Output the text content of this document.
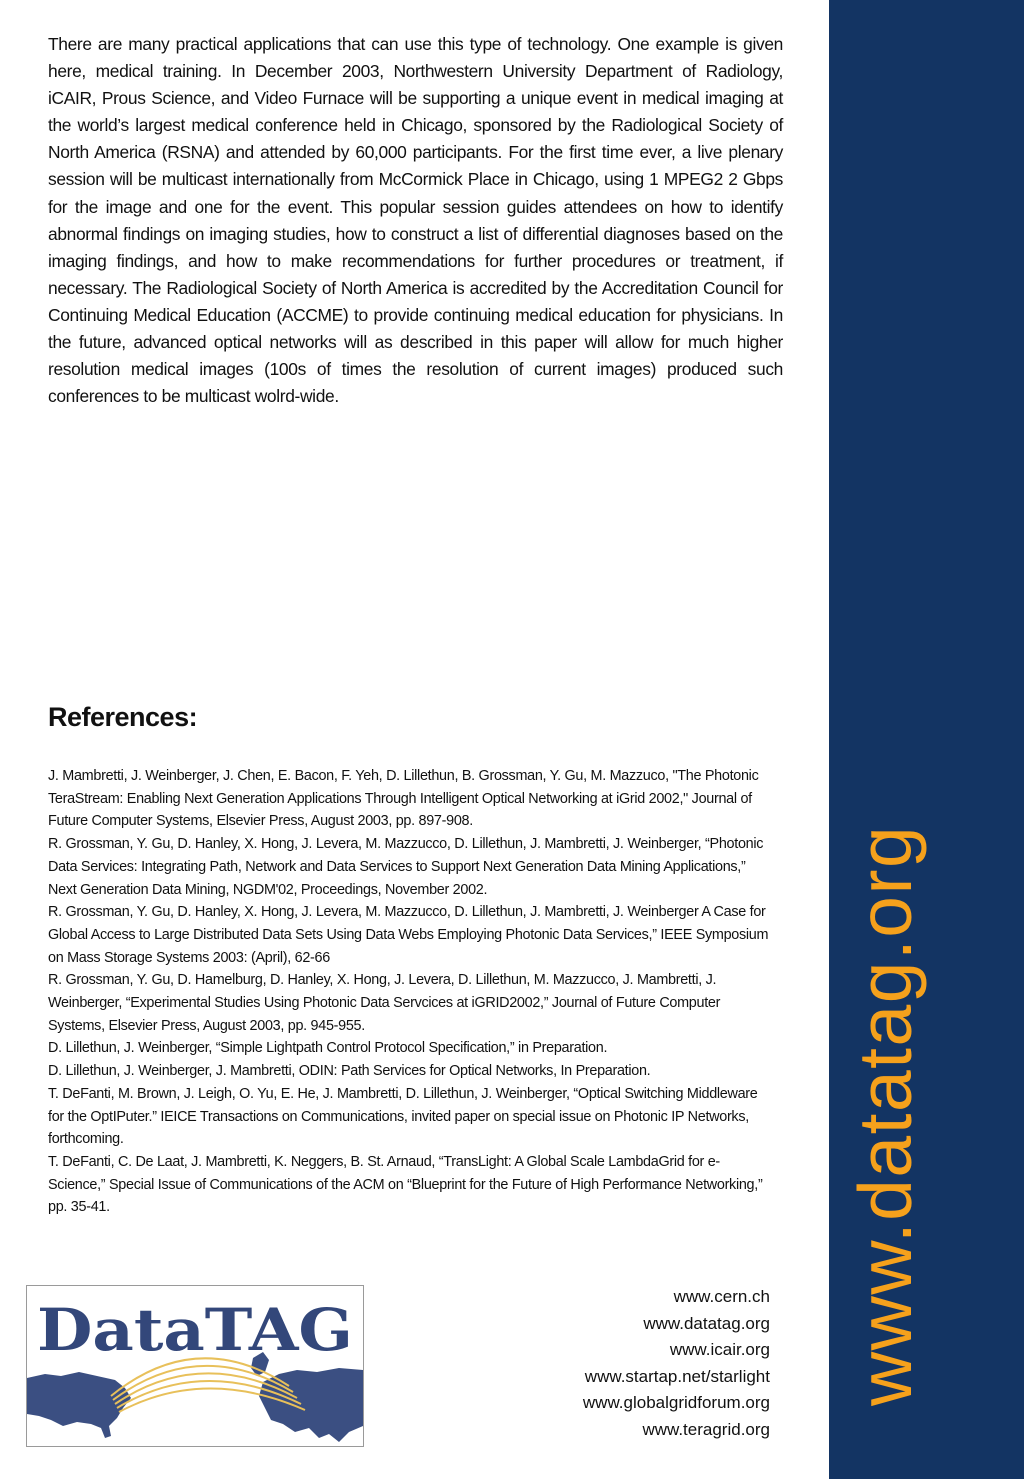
There are many practical applications that can use this type of technology. One example is given here, medical training. In December 2003, Northwestern University Department of Radiology, iCAIR, Prous Science, and Video Furnace will be supporting a unique event in medical imaging at the world’s largest medical conference held in Chicago, sponsored by the Radiological Society of North America (RSNA) and attended by 60,000 participants. For the first time ever, a live plenary session will be multicast internationally from McCormick Place in Chicago, using 1 MPEG2 2 Gbps for the image and one for the event. This popular session guides attendees on how to identify abnormal findings on imaging studies, how to construct a list of differential diagnoses based on the imaging findings, and how to make recommendations for further procedures or treatment, if necessary. The Radiological Society of North America is accredited by the Accreditation Council for Continuing Medical Education (ACCME) to provide continuing medical education for physicians. In the future, advanced optical networks will as described in this paper will allow for much higher resolution medical images (100s of times the resolution of current images) produced such conferences to be multicast wolrd-wide.

References:

J. Mambretti, J. Weinberger, J. Chen, E. Bacon, F. Yeh, D. Lillethun, B. Grossman, Y. Gu, M. Mazzuco, "The Photonic TeraStream: Enabling Next Generation Applications Through Intelligent Optical Networking at iGrid 2002," Journal of Future Computer Systems, Elsevier Press, August 2003, pp. 897-908.

R. Grossman, Y. Gu, D. Hanley, X. Hong, J. Levera, M. Mazzucco, D. Lillethun, J. Mambretti, J. Weinberger, “Photonic Data Services: Integrating Path, Network and Data Services to Support Next Generation Data Mining Applications,” Next Generation Data Mining, NGDM'02, Proceedings, November 2002.

R. Grossman, Y. Gu, D. Hanley, X. Hong, J. Levera, M. Mazzucco, D. Lillethun, J. Mambretti, J. Weinberger A Case for Global Access to Large Distributed Data Sets Using Data Webs Employing Photonic Data Services,” IEEE Symposium on Mass Storage Systems 2003: (April), 62-66

R. Grossman, Y. Gu, D. Hamelburg, D. Hanley, X. Hong, J. Levera, D. Lillethun, M. Mazzucco, J. Mambretti, J. Weinberger, “Experimental Studies Using Photonic Data Servcices at iGRID2002,” Journal of Future Computer Systems, Elsevier Press, August 2003, pp. 945-955.

D. Lillethun, J. Weinberger, “Simple Lightpath Control Protocol Specification,” in Preparation.

D. Lillethun, J. Weinberger, J. Mambretti, ODIN: Path Services for Optical Networks, In Preparation.

T. DeFanti, M. Brown, J. Leigh, O. Yu, E. He, J. Mambretti, D. Lillethun, J. Weinberger, “Optical Switching Middleware for the OptIPuter.” IEICE Transactions on Communications, invited paper on special issue on Photonic IP Networks, forthcoming.

T. DeFanti, C. De Laat, J. Mambretti, K. Neggers, B. St. Arnaud, “TransLight: A Global Scale LambdaGrid for e-Science,” Special Issue of Communications of the ACM on “Blueprint for the Future of High Performance Networking,” pp. 35-41.

DataTAG	www.cern.ch
www.datatag.org
www.icair.org
www.startap.net/starlight
www.globalgridforum.org
www.teragrid.org
www.datatag.org
